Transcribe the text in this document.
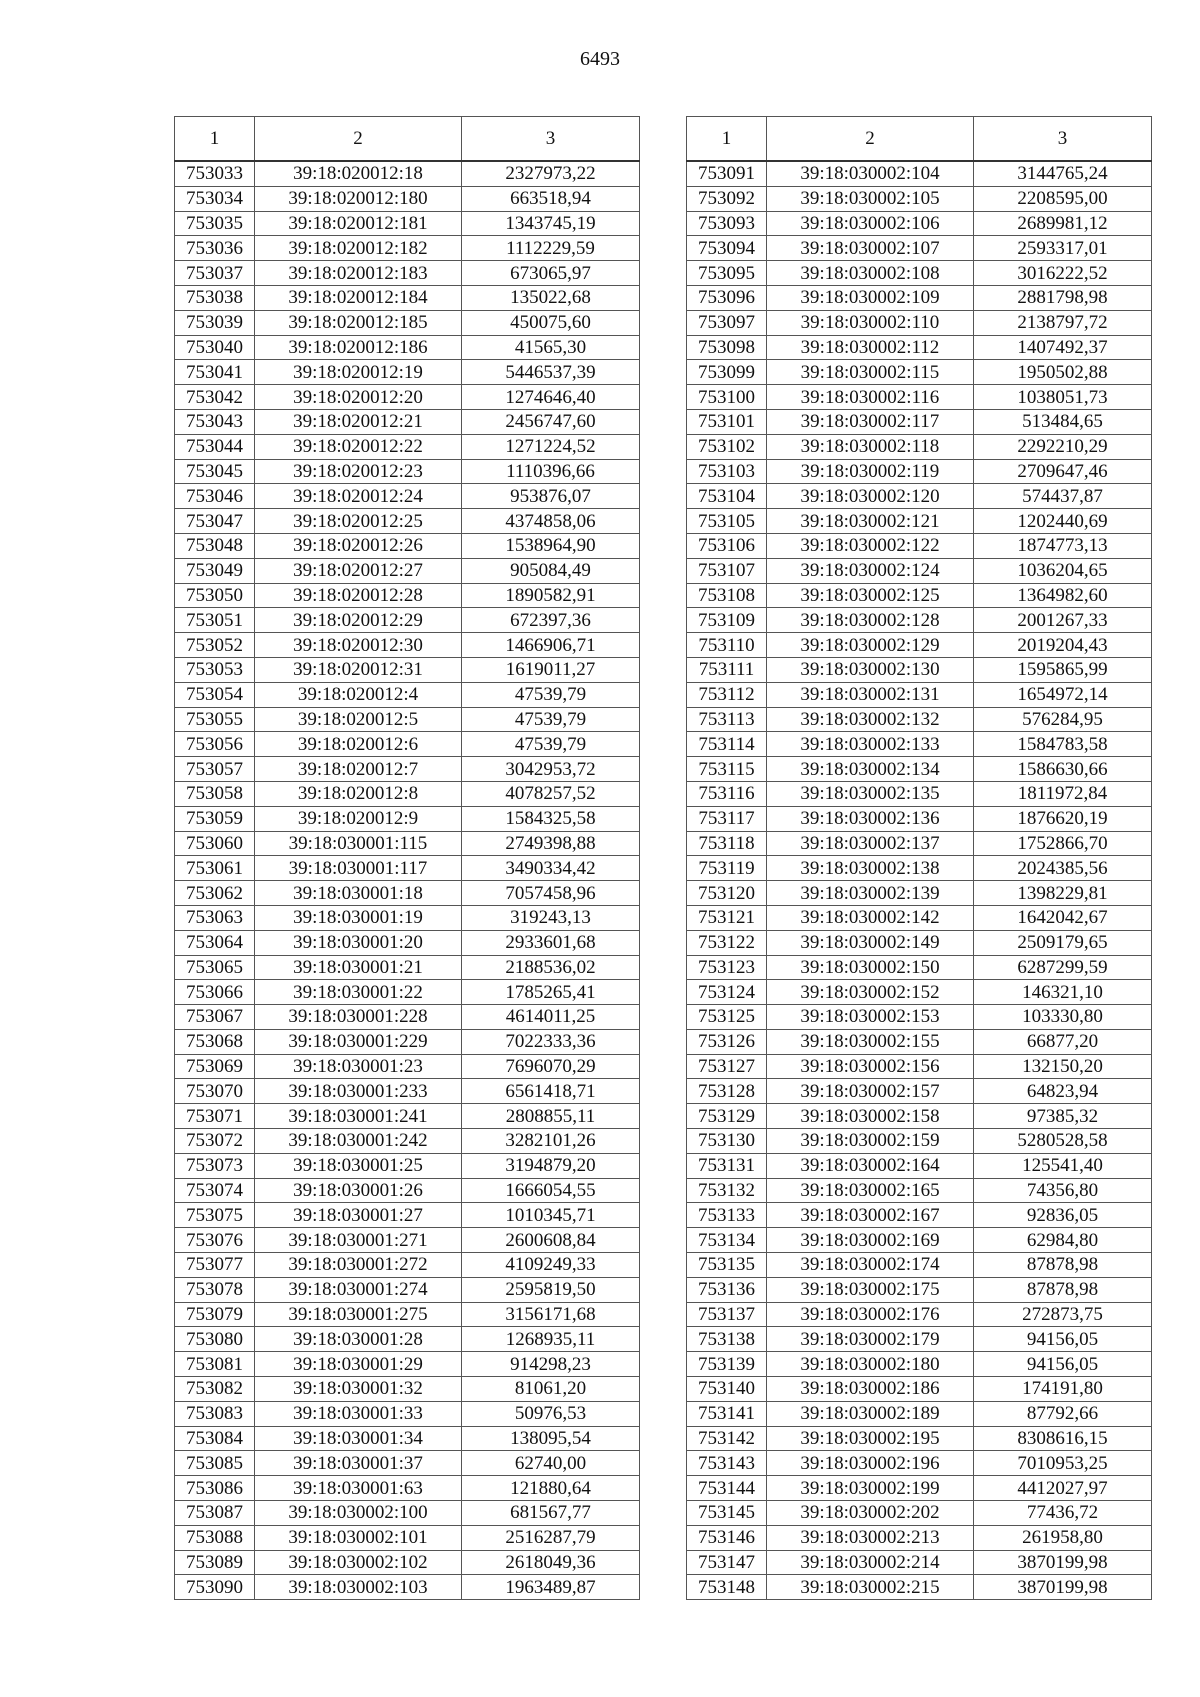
6493
1	2	3
753033	39:18:020012:18	2327973,22
753034	39:18:020012:180	663518,94
753035	39:18:020012:181	1343745,19
753036	39:18:020012:182	1112229,59
753037	39:18:020012:183	673065,97
753038	39:18:020012:184	135022,68
753039	39:18:020012:185	450075,60
753040	39:18:020012:186	41565,30
753041	39:18:020012:19	5446537,39
753042	39:18:020012:20	1274646,40
753043	39:18:020012:21	2456747,60
753044	39:18:020012:22	1271224,52
753045	39:18:020012:23	1110396,66
753046	39:18:020012:24	953876,07
753047	39:18:020012:25	4374858,06
753048	39:18:020012:26	1538964,90
753049	39:18:020012:27	905084,49
753050	39:18:020012:28	1890582,91
753051	39:18:020012:29	672397,36
753052	39:18:020012:30	1466906,71
753053	39:18:020012:31	1619011,27
753054	39:18:020012:4	47539,79
753055	39:18:020012:5	47539,79
753056	39:18:020012:6	47539,79
753057	39:18:020012:7	3042953,72
753058	39:18:020012:8	4078257,52
753059	39:18:020012:9	1584325,58
753060	39:18:030001:115	2749398,88
753061	39:18:030001:117	3490334,42
753062	39:18:030001:18	7057458,96
753063	39:18:030001:19	319243,13
753064	39:18:030001:20	2933601,68
753065	39:18:030001:21	2188536,02
753066	39:18:030001:22	1785265,41
753067	39:18:030001:228	4614011,25
753068	39:18:030001:229	7022333,36
753069	39:18:030001:23	7696070,29
753070	39:18:030001:233	6561418,71
753071	39:18:030001:241	2808855,11
753072	39:18:030001:242	3282101,26
753073	39:18:030001:25	3194879,20
753074	39:18:030001:26	1666054,55
753075	39:18:030001:27	1010345,71
753076	39:18:030001:271	2600608,84
753077	39:18:030001:272	4109249,33
753078	39:18:030001:274	2595819,50
753079	39:18:030001:275	3156171,68
753080	39:18:030001:28	1268935,11
753081	39:18:030001:29	914298,23
753082	39:18:030001:32	81061,20
753083	39:18:030001:33	50976,53
753084	39:18:030001:34	138095,54
753085	39:18:030001:37	62740,00
753086	39:18:030001:63	121880,64
753087	39:18:030002:100	681567,77
753088	39:18:030002:101	2516287,79
753089	39:18:030002:102	2618049,36
753090	39:18:030002:103	1963489,87
1	2	3
753091	39:18:030002:104	3144765,24
753092	39:18:030002:105	2208595,00
753093	39:18:030002:106	2689981,12
753094	39:18:030002:107	2593317,01
753095	39:18:030002:108	3016222,52
753096	39:18:030002:109	2881798,98
753097	39:18:030002:110	2138797,72
753098	39:18:030002:112	1407492,37
753099	39:18:030002:115	1950502,88
753100	39:18:030002:116	1038051,73
753101	39:18:030002:117	513484,65
753102	39:18:030002:118	2292210,29
753103	39:18:030002:119	2709647,46
753104	39:18:030002:120	574437,87
753105	39:18:030002:121	1202440,69
753106	39:18:030002:122	1874773,13
753107	39:18:030002:124	1036204,65
753108	39:18:030002:125	1364982,60
753109	39:18:030002:128	2001267,33
753110	39:18:030002:129	2019204,43
753111	39:18:030002:130	1595865,99
753112	39:18:030002:131	1654972,14
753113	39:18:030002:132	576284,95
753114	39:18:030002:133	1584783,58
753115	39:18:030002:134	1586630,66
753116	39:18:030002:135	1811972,84
753117	39:18:030002:136	1876620,19
753118	39:18:030002:137	1752866,70
753119	39:18:030002:138	2024385,56
753120	39:18:030002:139	1398229,81
753121	39:18:030002:142	1642042,67
753122	39:18:030002:149	2509179,65
753123	39:18:030002:150	6287299,59
753124	39:18:030002:152	146321,10
753125	39:18:030002:153	103330,80
753126	39:18:030002:155	66877,20
753127	39:18:030002:156	132150,20
753128	39:18:030002:157	64823,94
753129	39:18:030002:158	97385,32
753130	39:18:030002:159	5280528,58
753131	39:18:030002:164	125541,40
753132	39:18:030002:165	74356,80
753133	39:18:030002:167	92836,05
753134	39:18:030002:169	62984,80
753135	39:18:030002:174	87878,98
753136	39:18:030002:175	87878,98
753137	39:18:030002:176	272873,75
753138	39:18:030002:179	94156,05
753139	39:18:030002:180	94156,05
753140	39:18:030002:186	174191,80
753141	39:18:030002:189	87792,66
753142	39:18:030002:195	8308616,15
753143	39:18:030002:196	7010953,25
753144	39:18:030002:199	4412027,97
753145	39:18:030002:202	77436,72
753146	39:18:030002:213	261958,80
753147	39:18:030002:214	3870199,98
753148	39:18:030002:215	3870199,98
